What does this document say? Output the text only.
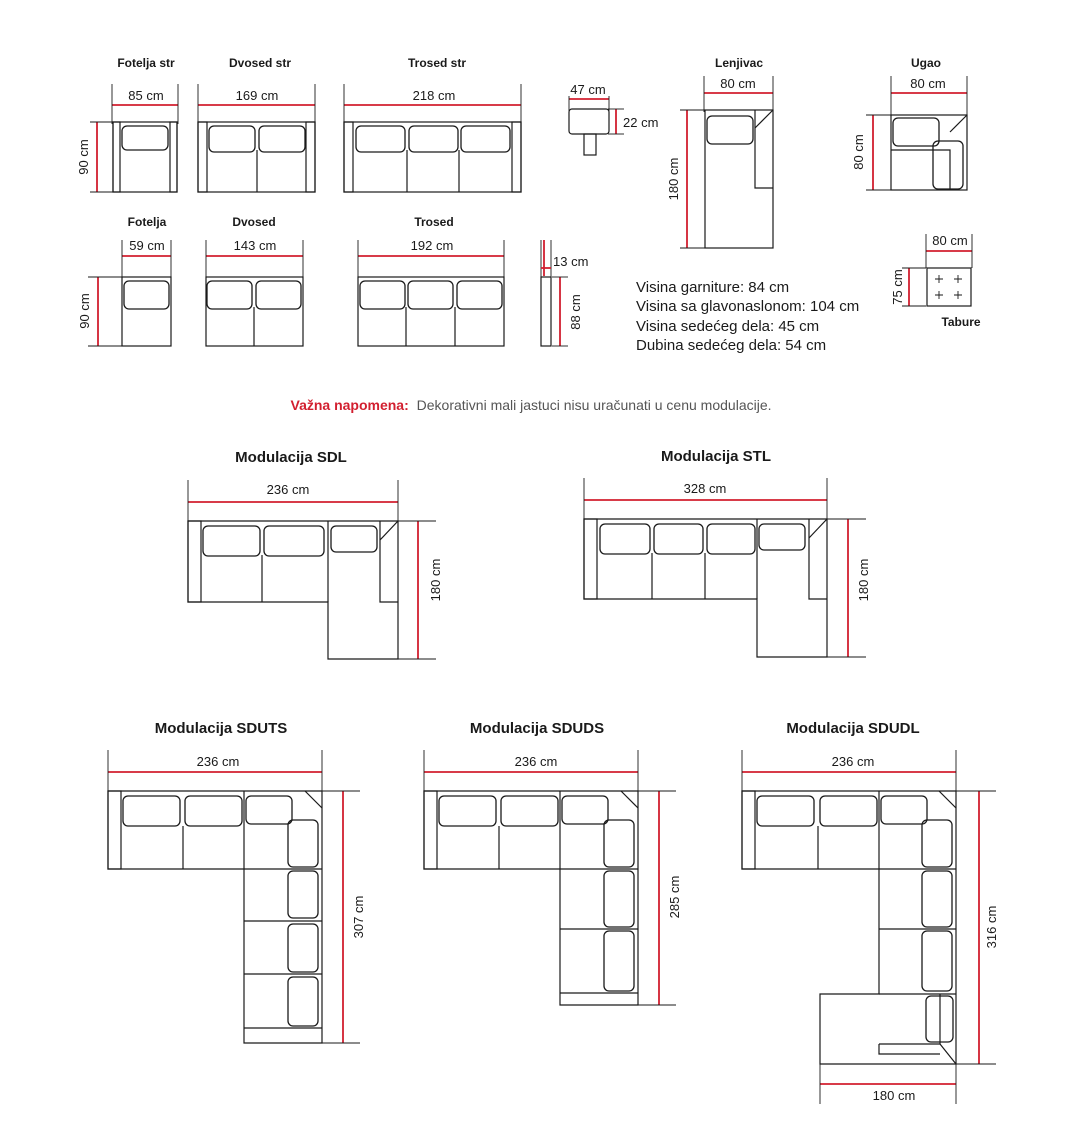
Fotelja str
85 cm
90 cm
Dvosed str
169 cm
Trosed str
218 cm	47 cm
22 cm
Lenjivac
80 cm
180 cm
Ugao
80 cm
80 cm
Fotelja
59 cm
90 cm
Dvosed
143 cm
Trosed
192 cm
13 cm
88 cm
Visina garniture: 84 cm
Visina sa glavonaslonom: 104 cm
Visina sedećeg dela: 45 cm
Dubina sedećeg dela: 54 cm
80 cm
75 cm
Tabure
Važna napomena: Dekorativni mali jastuci nisu uračunati u cenu modulacije.
Modulacija SDL
236 cm
180 cm
Modulacija STL
328 cm
180 cm
Modulacija SDUTS
236 cm
307 cm
Modulacija SDUDS
236 cm
285 cm
Modulacija SDUDL
236 cm
316 cm
180 cm
